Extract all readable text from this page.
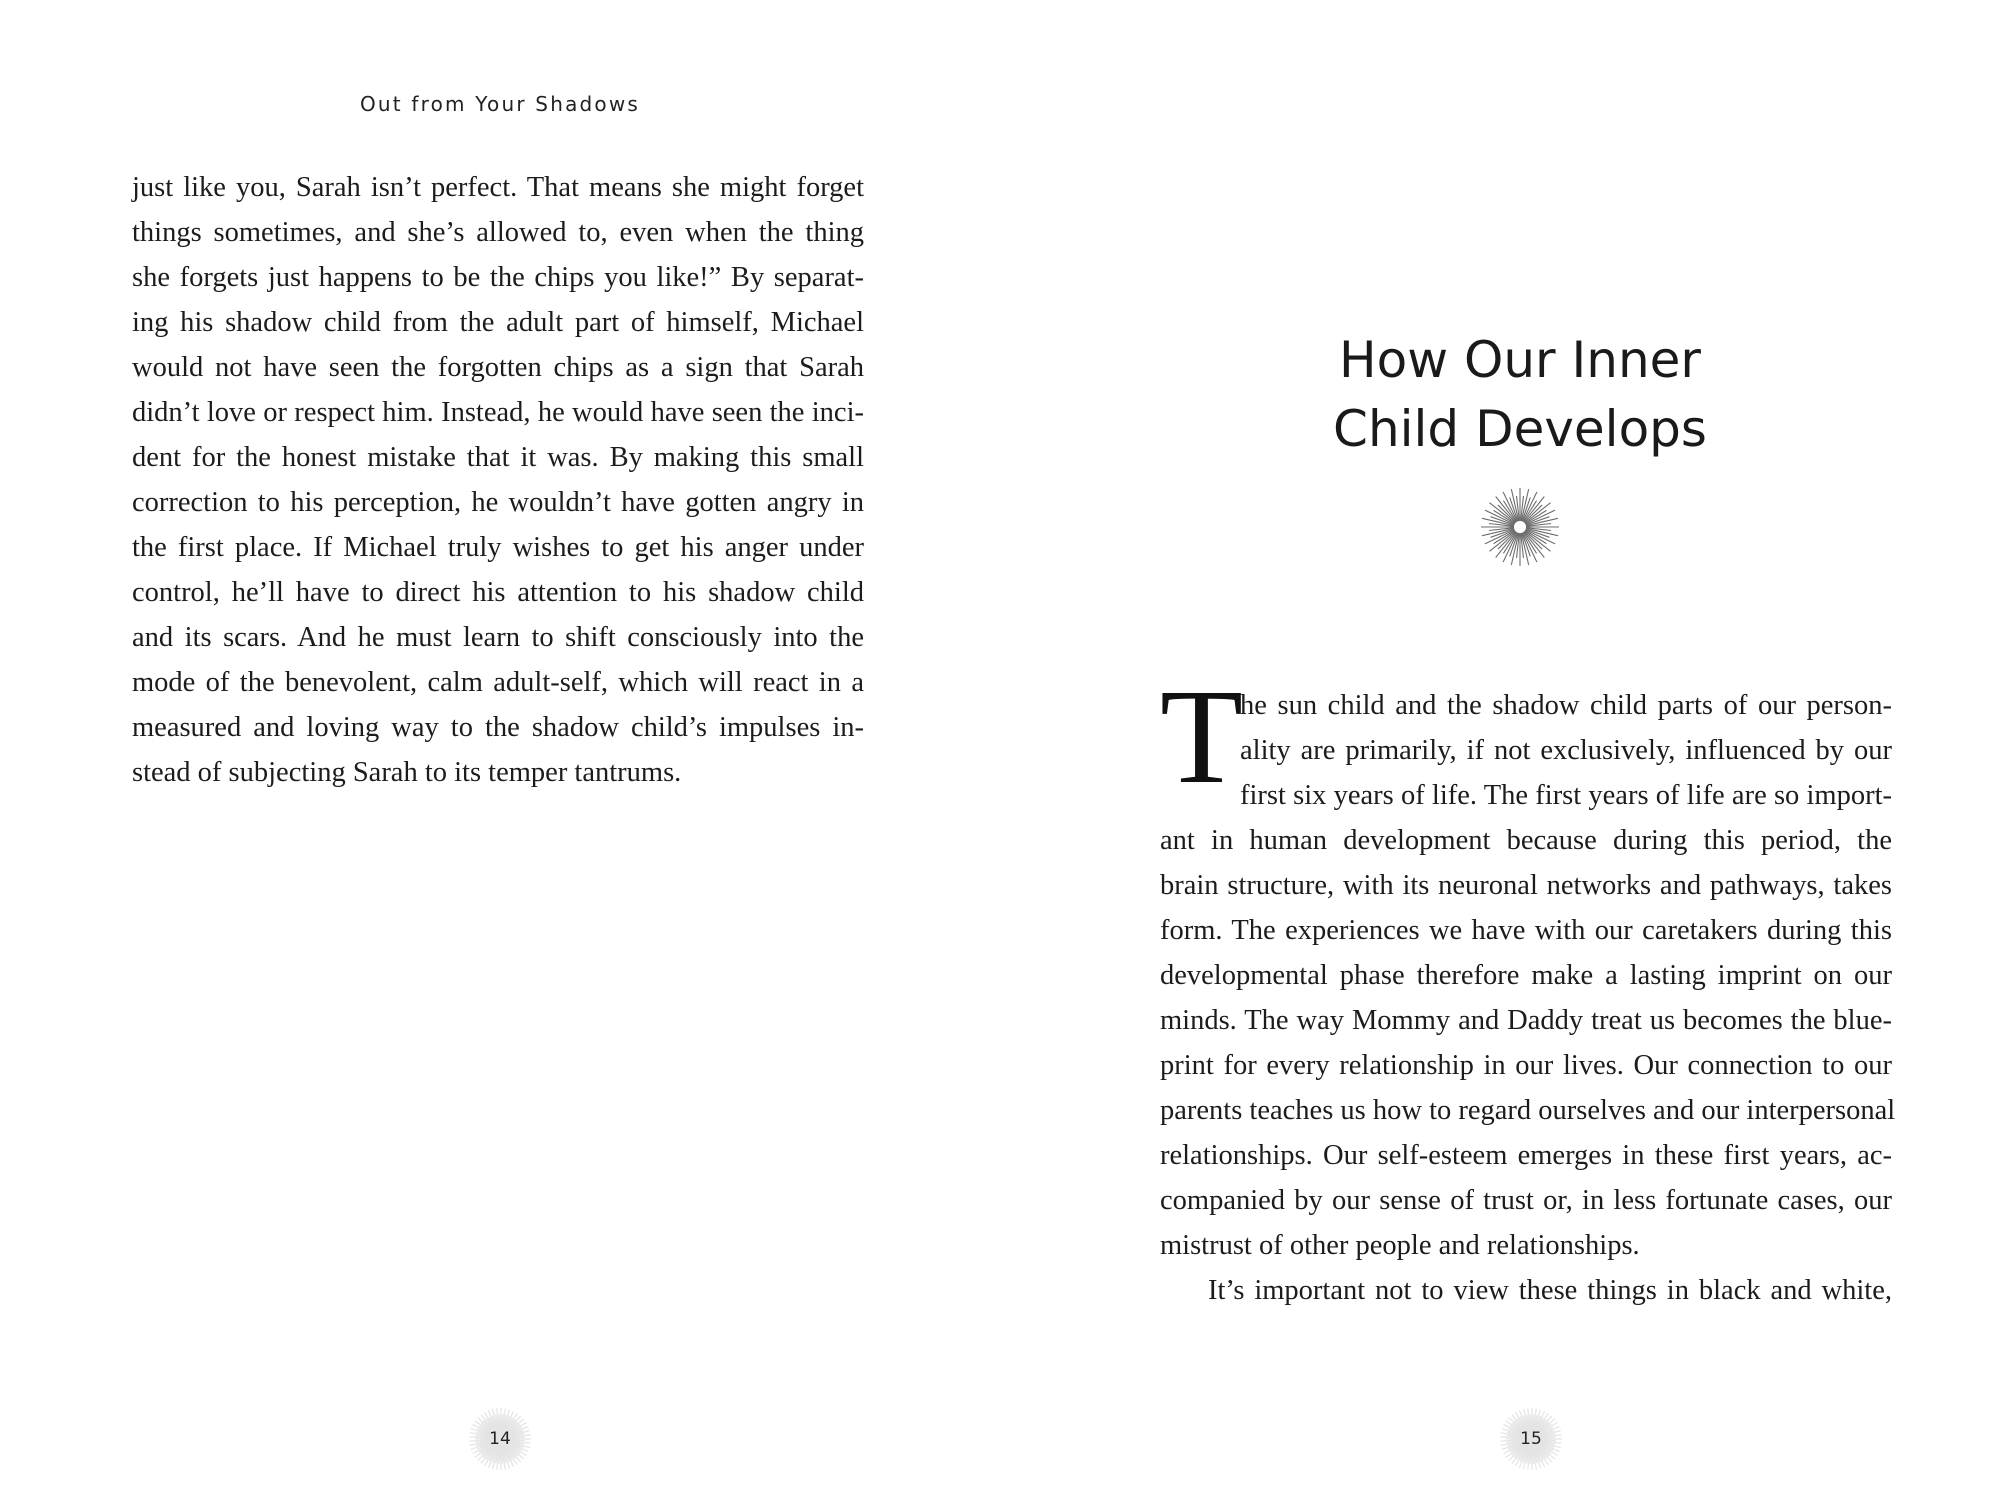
Out from Your Shadows
just like you, Sarah isn’t perfect. That means she might forget
things sometimes, and she’s allowed to, even when the thing
she forgets just happens to be the chips you like!” By separat-
ing his shadow child from the adult part of himself, Michael
would not have seen the forgotten chips as a sign that Sarah
didn’t love or respect him. Instead, he would have seen the inci-
dent for the honest mistake that it was. By making this small
correction to his perception, he wouldn’t have gotten angry in
the first place. If Michael truly wishes to get his anger under
control, he’ll have to direct his attention to his shadow child
and its scars. And he must learn to shift consciously into the
mode of the benevolent, calm adult-self, which will react in a
measured and loving way to the shadow child’s impulses in-
stead of subjecting Sarah to its temper tantrums.
14
How Our Inner
Child Develops
T
he sun child and the shadow child parts of our person-
ality are primarily, if not exclusively, influenced by our
first six years of life. The first years of life are so import-
ant in human development because during this period, the
brain structure, with its neuronal networks and pathways, takes
form. The experiences we have with our caretakers during this
developmental phase therefore make a lasting imprint on our
minds. The way Mommy and Daddy treat us becomes the blue-
print for every relationship in our lives. Our connection to our
parents teaches us how to regard ourselves and our interpersonal
relationships. Our self-esteem emerges in these first years, ac-
companied by our sense of trust or, in less fortunate cases, our
mistrust of other people and relationships.
It’s important not to view these things in black and white,
15
